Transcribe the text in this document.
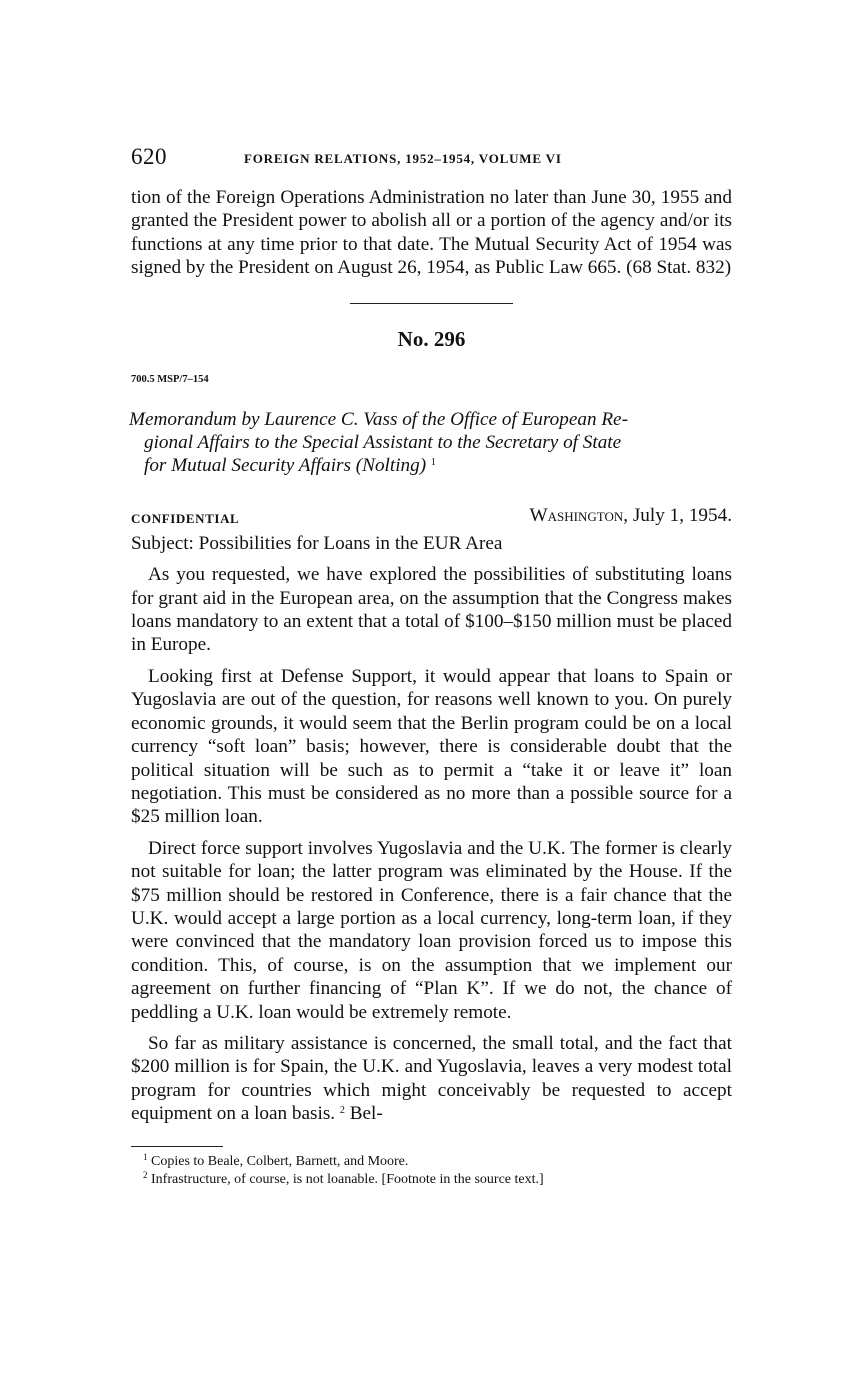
620	FOREIGN RELATIONS, 1952–1954, VOLUME VI

tion of the Foreign Operations Administration no later than June 30, 1955 and granted the President power to abolish all or a portion of the agency and/or its functions at any time prior to that date. The Mutual Security Act of 1954 was signed by the President on August 26, 1954, as Public Law 665. (68 Stat. 832)

No. 296
700.5 MSP/7–154
Memorandum by Laurence C. Vass of the Office of European Re-
gional Affairs to the Special Assistant to the Secretary of State
for Mutual Security Affairs (Nolting) $^1$
CONFIDENTIAL	Washington, July 1, 1954.

Subject: Possibilities for Loans in the EUR Area

As you requested, we have explored the possibilities of substituting loans for grant aid in the European area, on the assumption that the Congress makes loans mandatory to an extent that a total of $100–$150 million must be placed in Europe.

Looking first at Defense Support, it would appear that loans to Spain or Yugoslavia are out of the question, for reasons well known to you. On purely economic grounds, it would seem that the Berlin program could be on a local currency “soft loan” basis; however, there is considerable doubt that the political situation will be such as to permit a “take it or leave it” loan negotiation. This must be considered as no more than a possible source for a $25 million loan.

Direct force support involves Yugoslavia and the U.K. The former is clearly not suitable for loan; the latter program was eliminated by the House. If the $75 million should be restored in Conference, there is a fair chance that the U.K. would accept a large portion as a local currency, long-term loan, if they were convinced that the mandatory loan provision forced us to impose this condition. This, of course, is on the assumption that we implement our agreement on further financing of “Plan K”. If we do not, the chance of peddling a U.K. loan would be extremely remote.

So far as military assistance is concerned, the small total, and the fact that $200 million is for Spain, the U.K. and Yugoslavia, leaves a very modest total program for countries which might conceivably be requested to accept equipment on a loan basis. $^2$ Bel-

$^1$ Copies to Beale, Colbert, Barnett, and Moore.
$^2$ Infrastructure, of course, is not loanable. [Footnote in the source text.]
